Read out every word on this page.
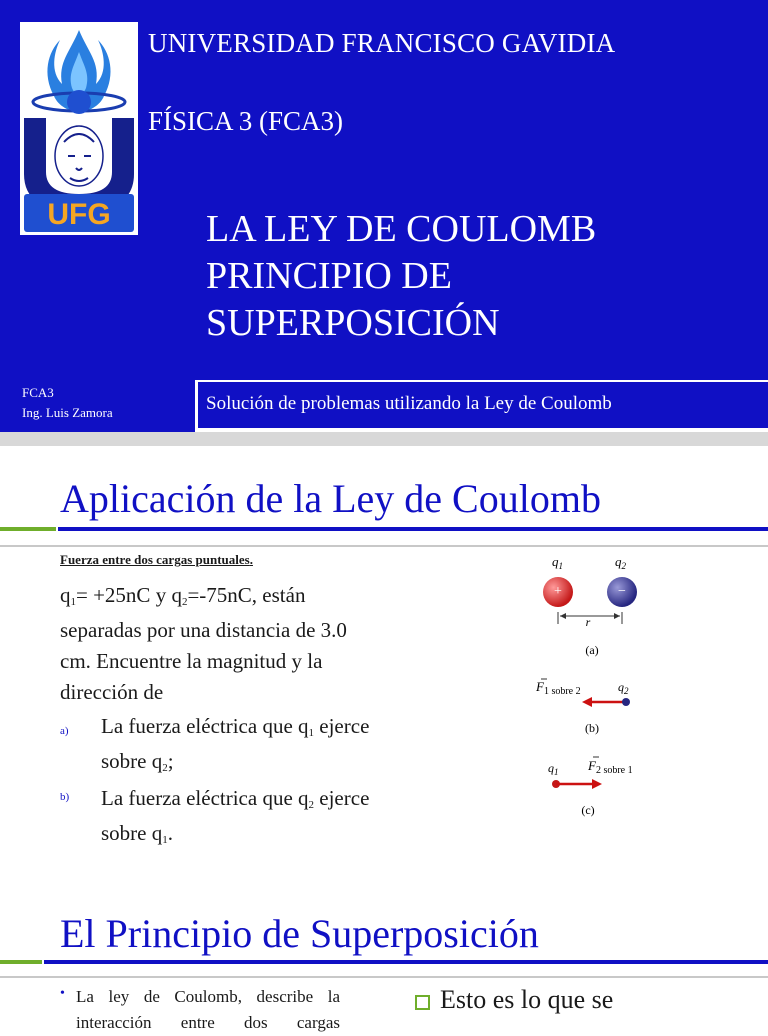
UFG
UNIVERSIDAD FRANCISCO GAVIDIA
FÍSICA 3 (FCA3)
LA LEY DE COULOMB
PRINCIPIO DE
SUPERPOSICIÓN
FCA3
Ing. Luis Zamora	Solución de problemas utilizando la Ley de Coulomb
Aplicación de la Ley de Coulomb
Fuerza entre dos cargas puntuales.
$q_1= +25nC$ y $q_2=-75nC$, están separadas por una distancia de 3.0 cm. Encuentre la magnitud y la dirección de
a) La fuerza eléctrica que $q_1$ ejerce sobre $q_2$;
b) La fuerza eléctrica que $q_2$ ejerce sobre $q_1$.
$q_1$	$q_2$
+	−
r
(a)
$F_{1 sobre 2}$	$q_2$
(b)
$q_1$ $F_{2 sobre 1}$
(c)
El Principio de Superposición
• La ley de Coulomb, describe la interacción entre dos cargas
Esto es lo que se
